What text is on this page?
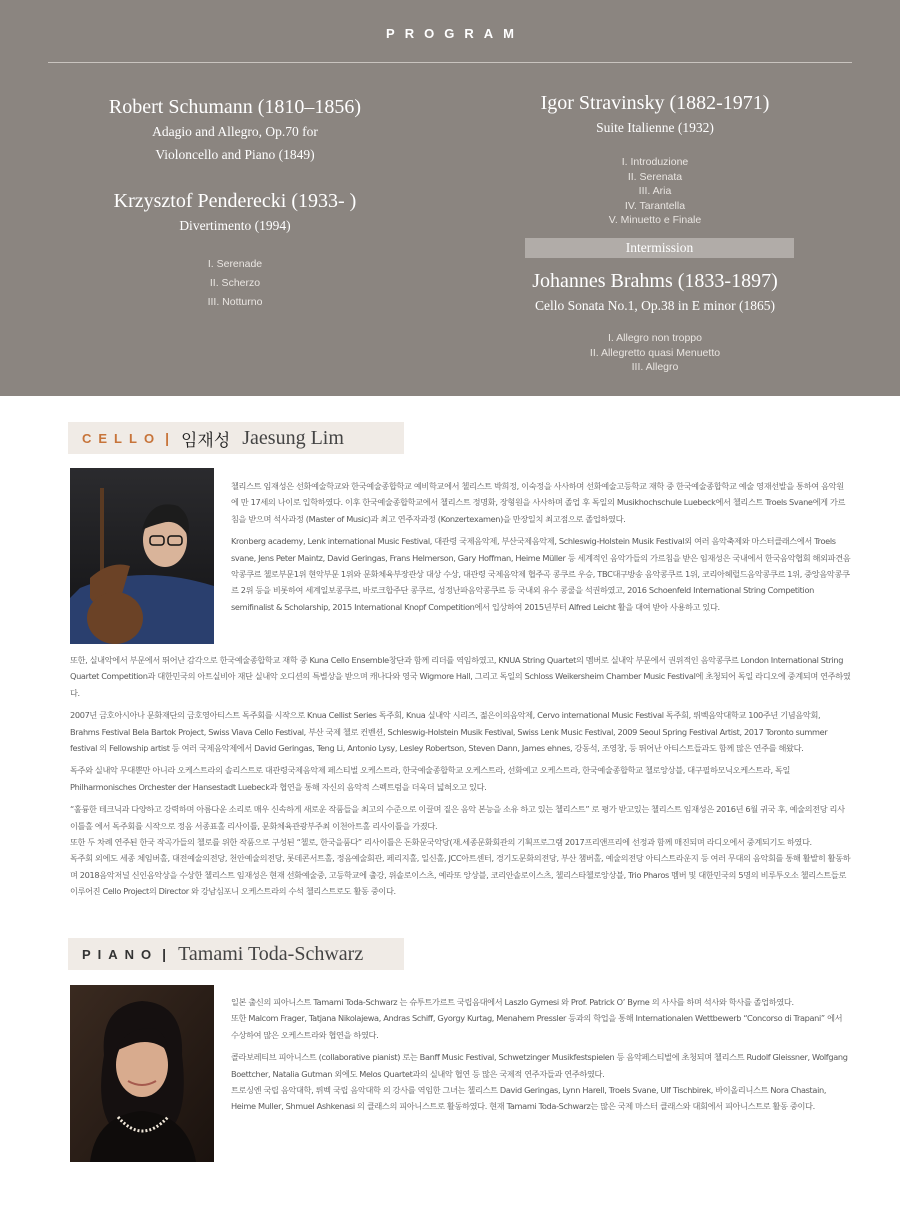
PROGRAM
Robert Schumann (1810–1856)
Adagio and Allegro, Op.70 for
Violoncello and Piano (1849)
Krzysztof Penderecki (1933- )
Divertimento (1994)
I. Serenade
II. Scherzo
III. Notturno
Igor Stravinsky (1882-1971)
Suite Italienne (1932)
I. Introduzione
II. Serenata
III. Aria
IV. Tarantella
V. Minuetto e Finale
Intermission
Johannes Brahms (1833-1897)
Cello Sonata No.1, Op.38 in E minor (1865)
I. Allegro non troppo
II. Allegretto quasi Menuetto
III. Allegro
CELLO | 임재성 Jaesung Lim

첼리스트 임재성은 선화예술학교와 한국예술종합학교 예비학교에서 첼리스트 박희정, 이숙정을 사사하며 선화예술고등학교 재학 중 한국예술종합학교 예술 영재선발을 통하여 음악원에 만 17세의 나이로 입학하였다. 이후 한국예술종합학교에서 첼리스트 정명화, 장형원을 사사하며 졸업 후 독일의 Musikhochschule Luebeck에서 첼리스트 Troels Svane에게 가르침을 받으며 석사과정 (Master of Music)과 최고 연주자과정 (Konzertexamen)을 만장일치 최고점으로 졸업하였다.

Kronberg academy, Lenk international Music Festival, 대관령 국제음악제, 부산국제음악제, Schleswig-Holstein Musik Festival외 여러 음악축제와 마스터클래스에서 Troels svane, Jens Peter Maintz, David Geringas, Frans Helmerson, Gary Hoffman, Heime Müller 등 세계적인 음악가들의 가르침을 받은 임재성은 국내에서 한국음악협회 해외파견음악콩쿠르 첼로부문1위 현악부문 1위와 문화체육부장관상 대상 수상, 대관령 국제음악제 협주곡 콩쿠르 우승, TBC대구방송 음악콩쿠르 1위, 코리아헤럴드음악콩쿠르 1위, 중앙음악콩쿠르 2위 등을 비롯하여 세계일보콩쿠르, 바로크합주단 콩쿠르, 성정난파음악콩쿠르 등 국내외 유수 콩쿨을 석권하였고, 2016 Schoenfeld International String Competition semifinalist & Scholarship, 2015 International Knopf Competition에서 입상하여 2015년부터 Alfred Leicht 활을 대여 받아 사용하고 있다.

또한, 실내악에서 부문에서 뛰어난 감각으로 한국예술종합학교 재학 중 Kuna Cello Ensemble창단과 함께 리더를 역임하였고, KNUA String Quartet의 멤버로 실내악 부문에서 권위적인 음악콩쿠르 London International String Quartet Competition과 대한민국의 아트실비아 재단 실내악 오디션의 특별상을 받으며 캐나다와 영국 Wigmore Hall, 그리고 독일의 Schloss Weikersheim Chamber Music Festival에 초청되어 독일 라디오에 중계되며 연주하였다.

2007년 금호아시아나 문화재단의 금호영아티스트 독주회를 시작으로 Knua Cellist Series 독주회, Knua 실내악 시리즈, 젊은이의음악제, Cervo international Music Festival 독주회, 뤼벡음악대학교 100주년 기념음악회, Brahms Festival Bela Bartok Project, Swiss Viava Cello Festival, 부산 국제 첼로 컨벤션, Schleswig-Holstein Musik Festival, Swiss Lenk Music Festival, 2009 Seoul Spring Festival Artist, 2017 Toronto summer festival 의 Fellowship artist 등 여러 국제음악제에서 David Geringas, Teng Li, Antonio Lysy, Lesley Robertson, Steven Dann, James ehnes, 강동석, 조영창, 등 뛰어난 아티스트들과도 함께 많은 연주를 해왔다.

독주와 실내악 무대뿐만 아니라 오케스트라의 솔리스트로 대관령국제음악제 페스티벌 오케스트라, 한국예술종합학교 오케스트라, 선화예고 오케스트라, 한국예술종합학교 첼로앙상블, 대구필하모닉오케스트라, 독일 Philharmonisches Orchester der Hansestadt Luebeck과 협연을 통해 자신의 음악적 스펙트럼을 더욱더 넓혀오고 있다.

“훌륭한 테크닉과 다양하고 강력하며 아름다운 소리로 매우 신속하게 새로운 작품들을 최고의 수준으로 이끌며 짙은 음악 본능을 소유 하고 있는 첼리스트” 로 평가 받고있는 첼리스트 임재성은 2016년 6월 귀국 후, 예술의전당 리사이틀홀 에서 독주회를 시작으로 정음 서종표홀 리사이틀, 문화체육관광부주최 이천아트홀 리사이틀을 가졌다.

또한 두 차례 연주된 한국 작곡가들의 첼로를 위한 작품으로 구성된 “첼로, 한국을품다” 리사이틀은 돈화문국악당(재.세종문화회관의 기획프로그램 2017프리앤프리에 선정과 함께 매진되며 라디오에서 중계되기도 하였다.

독주회 외에도 세종 체임버홀, 대전예술의전당, 천안예술의전당, 롯데콘서트홀, 정음예술회관, 페리지홀, 일신홀, JCC아트센터, 경기도문화의전당, 부산 챔버홀, 예술의전당 아티스트라운지 등 여러 무대의 음악회를 통해 활발히 활동하며 2018음악저널 신인음악상을 수상한 첼리스트 임재성은 현재 선화예술중, 고등학교에 출강, 위솔로이스츠, 예라또 앙상블, 코리안솔로이스츠, 첼리스타첼로앙상블, Trio Pharos 멤버 및 대한민국의 5명의 비루투오소 첼리스트들로 이루어진 Cello Project의 Director 와 강남심포니 오케스트라의 수석 첼리스트로도 활동 중이다.

PIANO | Tamami Toda-Schwarz

일본 출신의 피아니스트 Tamami Toda-Schwarz 는 슈투트가르트 국립음대에서 Laszlo Gymesi 와 Prof. Patrick O’ Byrne 의 사사를 하며 석사와 학사를 졸업하였다.

또한 Malcom Frager, Tatjana Nikolajewa, Andras Schiff, Gyorgy Kurtag, Menahem Pressler 등과의 학업을 통해 Internationalen Wettbewerb “Concorso di Trapani” 에서 수상하여 많은 오케스트라와 협연을 하였다.

콜라보레티브 피아니스트 (collaborative pianist) 로는 Banff Music Festival, Schwetzinger Musikfestspielen 등 음악페스티벌에 초청되며 첼리스트 Rudolf Gleissner, Wolfgang Boettcher, Natalia Gutman 외에도 Melos Quartet과의 실내악 협연 등 많은 국제적 연주자들과 연주하였다.

트로싱엔 국립 음악대학, 뤼벡 국립 음악대학 의 강사를 역임한 그녀는 첼리스트 David Geringas, Lynn Harell, Troels Svane, Ulf Tischbirek, 바이올리니스트 Nora Chastain, Heime Muller, Shmuel Ashkenasi 의 클래스의 피아니스트로 활동하였다. 현재 Tamami Toda-Schwarz는 많은 국제 마스터 클래스와 대회에서 피아니스트로 활동 중이다.
